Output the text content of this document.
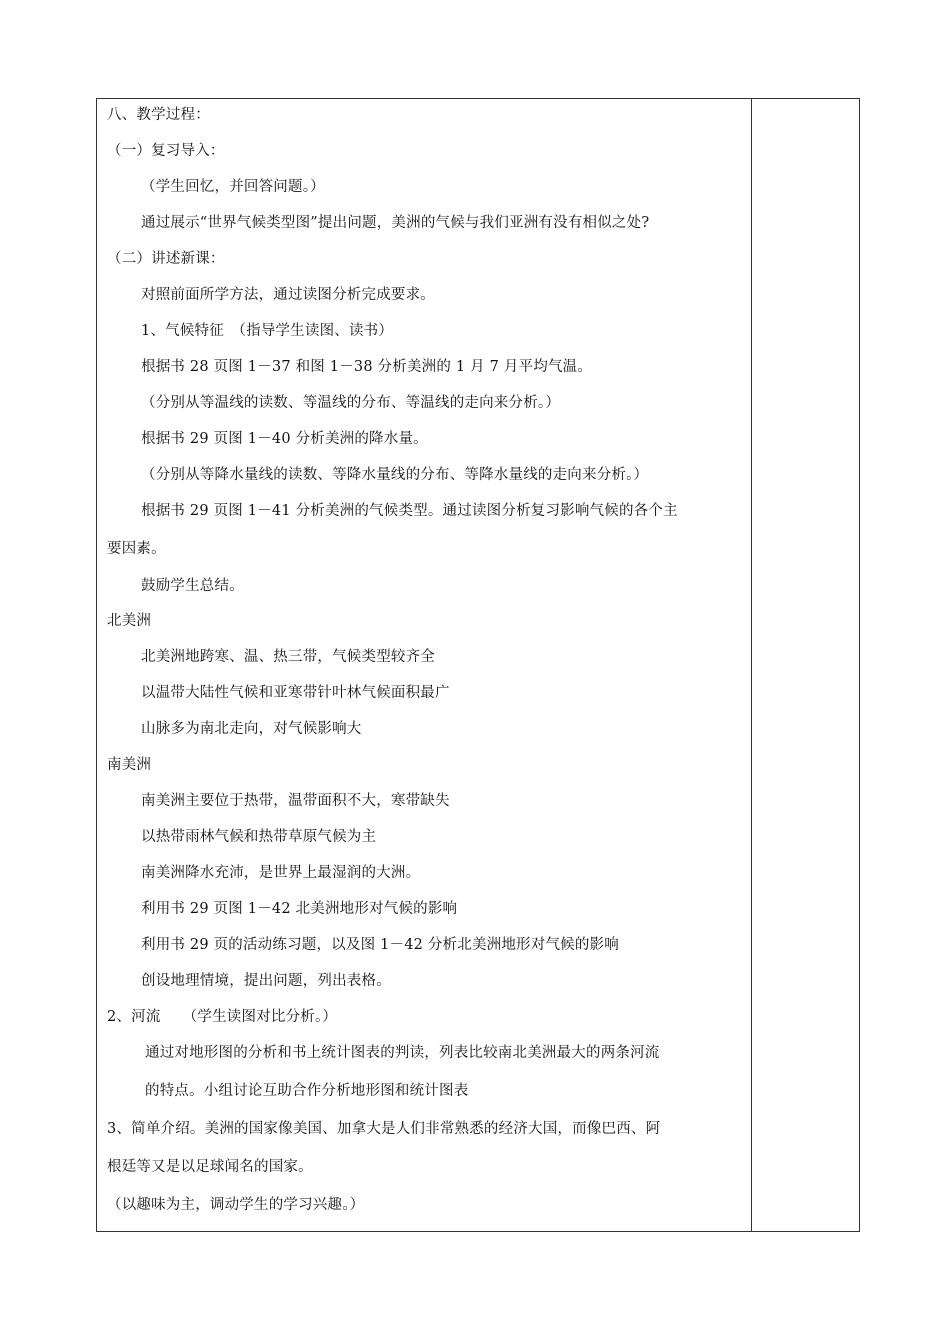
八、教学过程：
（一）复习导入：
（学生回忆，并回答问题。）
通过展示“世界气候类型图”提出问题，美洲的气候与我们亚洲有没有相似之处?
（二）讲述新课：
对照前面所学方法，通过读图分析完成要求。
1、气候特征　（指导学生读图、读书）
根据书 28 页图 1－37 和图 1－38 分析美洲的 1 月 7 月平均气温。
（分别从等温线的读数、等温线的分布、等温线的走向来分析。）
根据书 29 页图 1－40 分析美洲的降水量。
（分别从等降水量线的读数、等降水量线的分布、等降水量线的走向来分析。）
根据书 29 页图 1－41 分析美洲的气候类型。通过读图分析复习影响气候的各个主
要因素。
鼓励学生总结。
北美洲
北美洲地跨寒、温、热三带，气候类型较齐全
以温带大陆性气候和亚寒带针叶林气候面积最广
山脉多为南北走向，对气候影响大
南美洲
南美洲主要位于热带，温带面积不大，寒带缺失
以热带雨林气候和热带草原气候为主
南美洲降水充沛，是世界上最湿润的大洲。
利用书 29 页图 1－42 北美洲地形对气候的影响
利用书 29 页的活动练习题，以及图 1－42 分析北美洲地形对气候的影响
创设地理情境，提出问题，列出表格。
2、河流　　（学生读图对比分析。）
通过对地形图的分析和书上统计图表的判读，列表比较南北美洲最大的两条河流
的特点。小组讨论互助合作分析地形图和统计图表
3、简单介绍。美洲的国家像美国、加拿大是人们非常熟悉的经济大国，而像巴西、阿
根廷等又是以足球闻名的国家。
（以趣味为主，调动学生的学习兴趣。）
